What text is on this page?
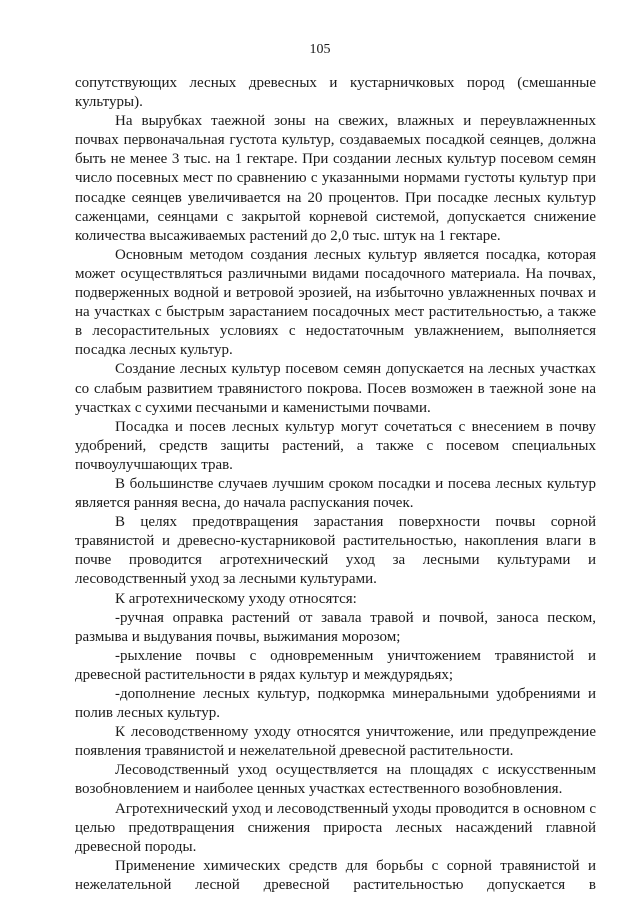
105

сопутствующих лесных древесных и кустарничковых пород (смешанные культуры).

На вырубках таежной зоны на свежих, влажных и переувлажненных почвах первоначальная густота культур, создаваемых посадкой сеянцев, должна быть не менее 3 тыс. на 1 гектаре. При создании лесных культур посевом семян число посевных мест по сравнению с указанными нормами густоты культур при посадке сеянцев увеличивается на 20 процентов. При посадке лесных культур саженцами, сеянцами с закрытой корневой системой, допускается снижение количества высаживаемых растений до 2,0 тыс. штук на 1 гектаре.

Основным методом создания лесных культур является посадка, которая может осуществляться различными видами посадочного материала. На почвах, подверженных водной и ветровой эрозией, на избыточно увлажненных почвах и на участках с быстрым зарастанием посадочных мест растительностью, а также в лесорастительных условиях с недостаточным увлажнением, выполняется посадка лесных культур.

Создание лесных культур посевом семян допускается на лесных участках со слабым развитием травянистого покрова. Посев возможен в таежной зоне на участках с сухими песчаными и каменистыми почвами.

Посадка и посев лесных культур могут сочетаться с внесением в почву удобрений, средств защиты растений, а также с посевом специальных почвоулучшающих трав.

В большинстве случаев лучшим сроком посадки и посева лесных культур является ранняя весна, до начала распускания почек.

В целях предотвращения зарастания поверхности почвы сорной травянистой и древесно-кустарниковой растительностью, накопления влаги в почве проводится агротехнический уход за лесными культурами и лесоводственный уход за лесными культурами.

К агротехническому уходу относятся:

-ручная оправка растений от завала травой и почвой, заноса песком, размыва и выдувания почвы, выжимания морозом;

-рыхление почвы с одновременным уничтожением травянистой и древесной растительности в рядах культур и междурядьях;

-дополнение лесных культур, подкормка минеральными удобрениями и полив лесных культур.

К лесоводственному уходу относятся уничтожение, или предупреждение появления травянистой и нежелательной древесной растительности.

Лесоводственный уход осуществляется на площадях с искусственным возобновлением и наиболее ценных участках естественного возобновления.

Агротехнический уход и лесоводственный уходы проводится в основном с целью предотвращения снижения прироста лесных насаждений главной древесной породы.

Применение химических средств для борьбы с сорной травянистой и нежелательной лесной древесной растительностью допускается в
